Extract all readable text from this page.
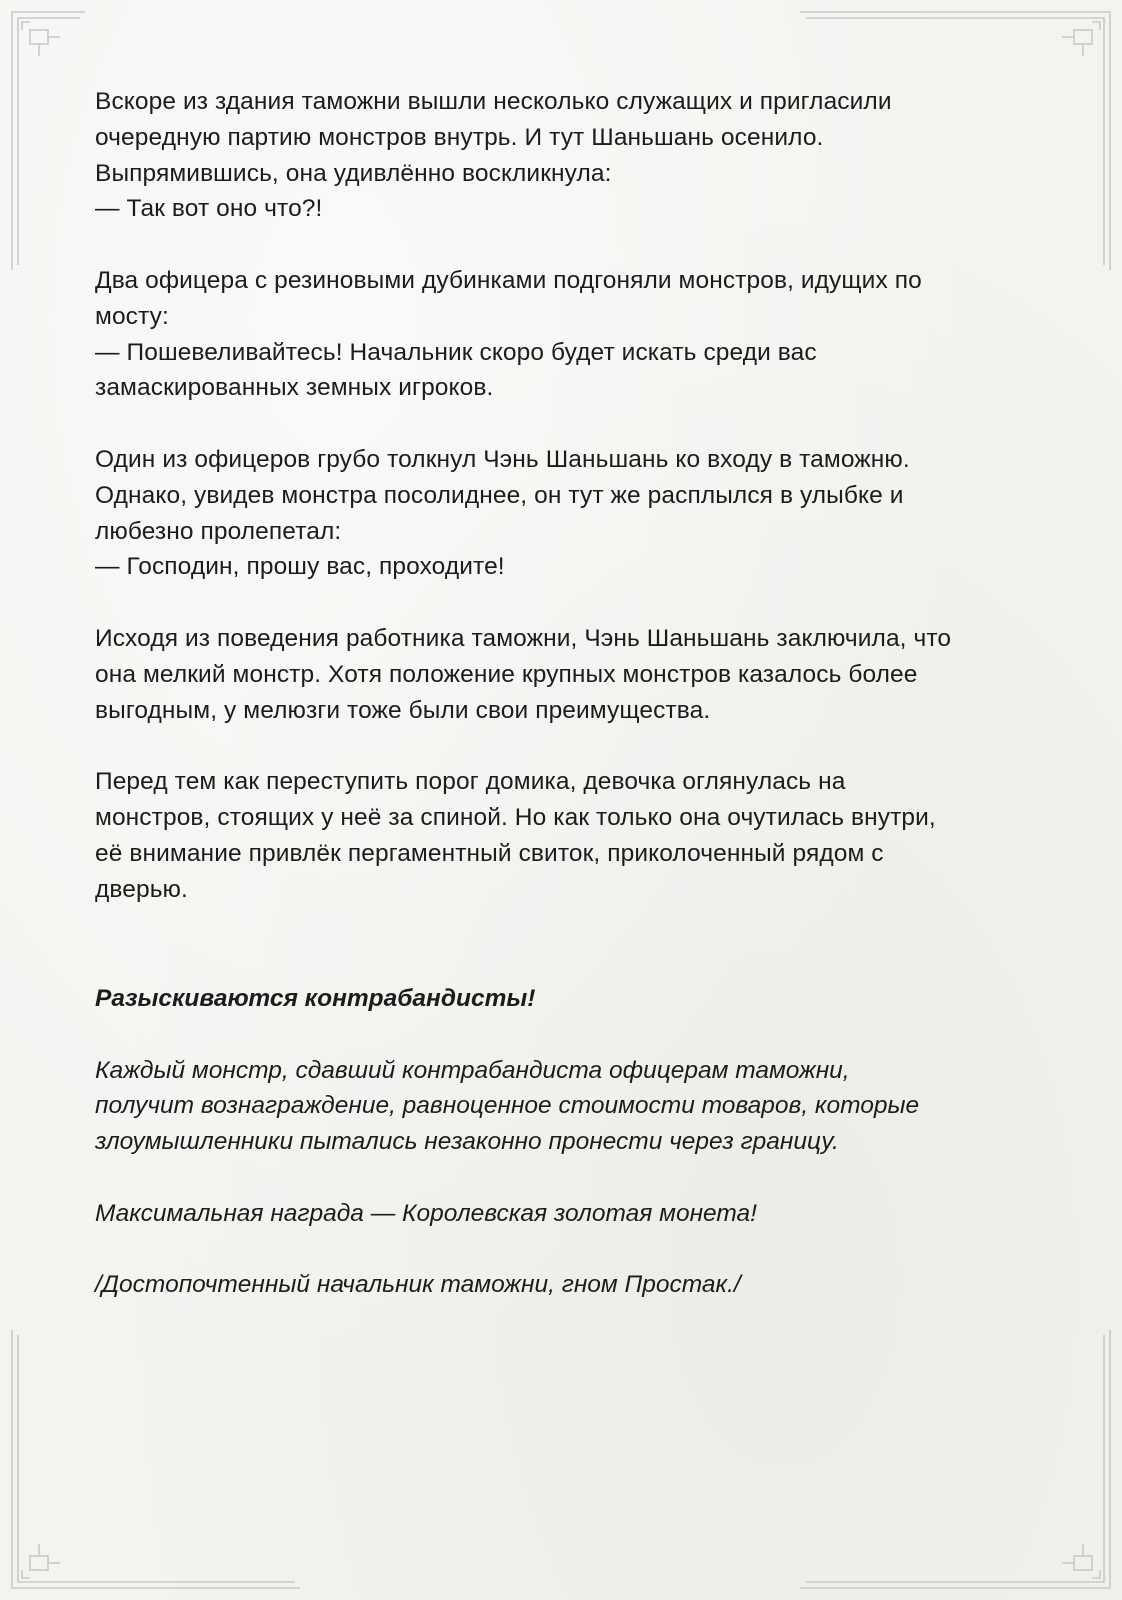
Вскоре из здания таможни вышли несколько служащих и пригласили
очередную партию монстров внутрь. И тут Шаньшань осенило.
Выпрямившись, она удивлённо воскликнула:
— Так вот оно что?!

Два офицера с резиновыми дубинками подгоняли монстров, идущих по
мосту:
— Пошевеливайтесь! Начальник скоро будет искать среди вас
замаскированных земных игроков.

Один из офицеров грубо толкнул Чэнь Шаньшань ко входу в таможню.
Однако, увидев монстра посолиднее, он тут же расплылся в улыбке и
любезно пролепетал:
— Господин, прошу вас, проходите!

Исходя из поведения работника таможни, Чэнь Шаньшань заключила, что
она мелкий монстр. Хотя положение крупных монстров казалось более
выгодным, у мелюзги тоже были свои преимущества.

Перед тем как переступить порог домика, девочка оглянулась на
монстров, стоящих у неё за спиной. Но как только она очутилась внутри,
её внимание привлёк пергаментный свиток, приколоченный рядом с
дверью.

Разыскиваются контрабандисты!

Каждый монстр, сдавший контрабандиста офицерам таможни,
получит вознаграждение, равноценное стоимости товаров, которые
злоумышленники пытались незаконно пронести через границу.

Максимальная награда — Королевская золотая монета!

/Достопочтенный начальник таможни, гном Простак./
